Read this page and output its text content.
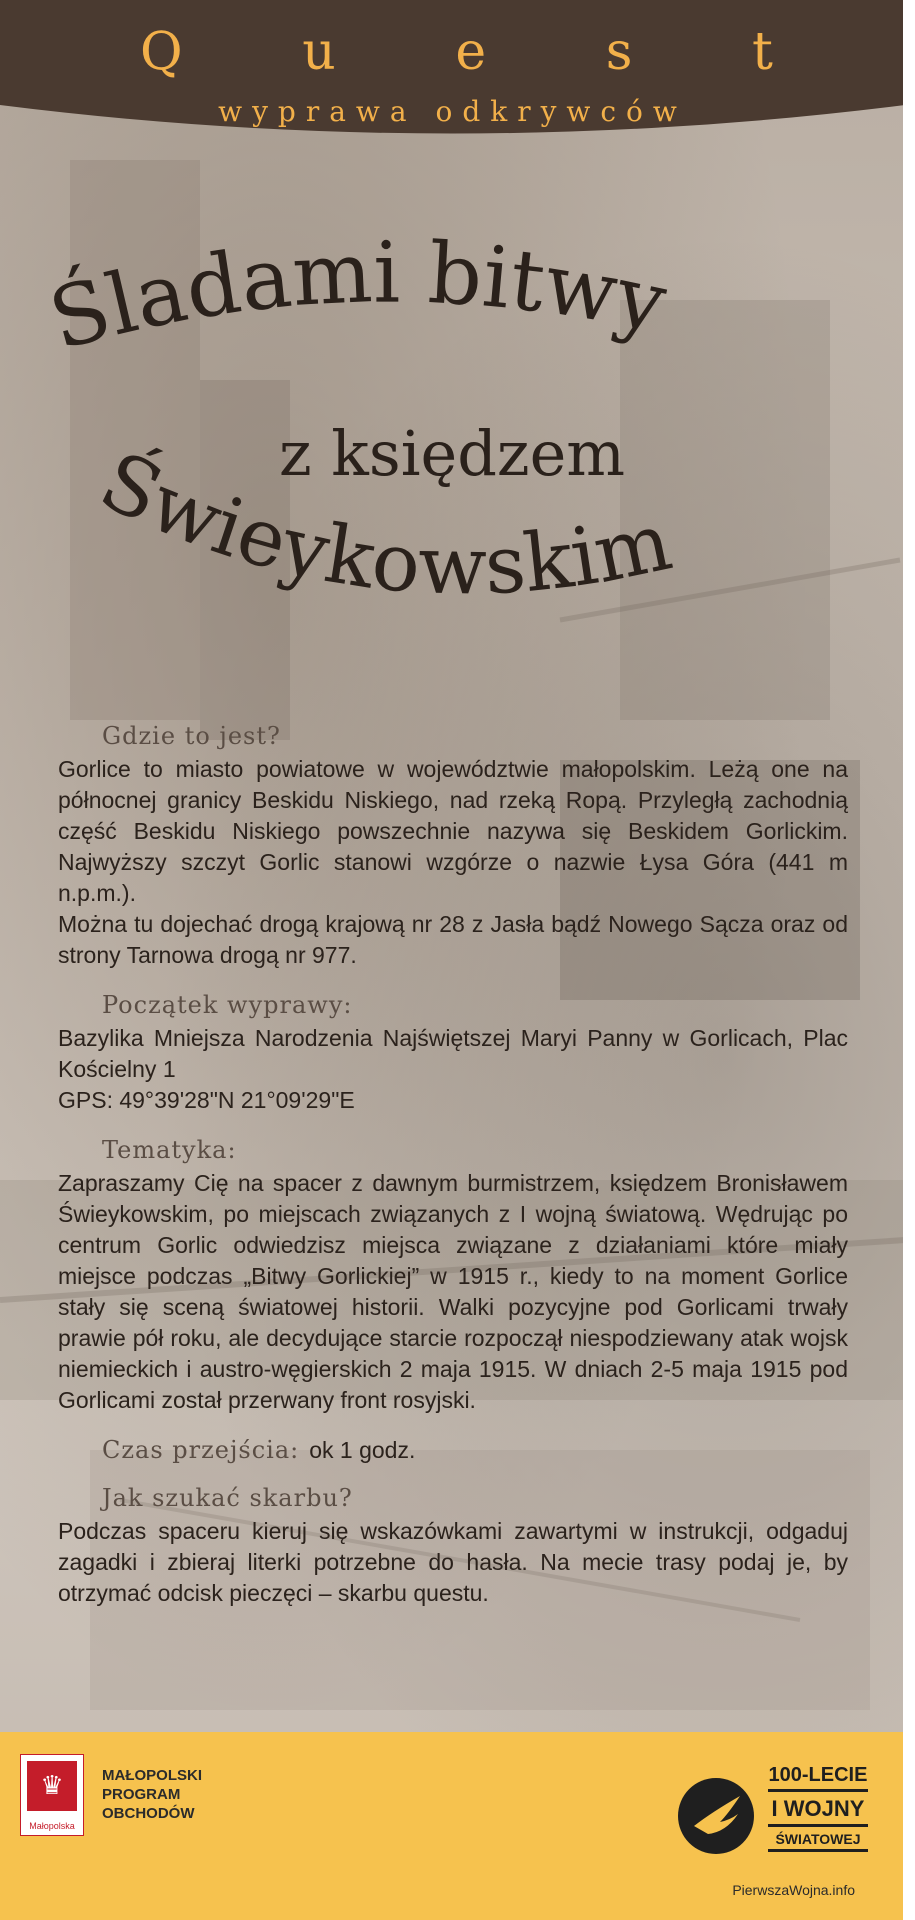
Q u e s t
wyprawa odkrywców
Śladami bitwy
z księdzem
Świeykowskim
Gdzie to jest?

Gorlice to miasto powiatowe w województwie małopolskim. Leżą one na północnej granicy Beskidu Niskiego, nad rzeką Ropą. Przyległą zachodnią część Beskidu Niskiego powszechnie nazywa się Beskidem Gorlickim. Najwyższy szczyt Gorlic stanowi wzgórze o nazwie Łysa Góra (441 m n.p.m.).

Można tu dojechać drogą krajową nr 28 z Jasła bądź Nowego Sącza oraz od strony Tarnowa drogą nr 977.

Początek wyprawy:

Bazylika Mniejsza Narodzenia Najświętszej Maryi Panny w Gorlicach, Plac Kościelny 1

GPS: 49°39'28"N 21°09'29"E

Tematyka:

Zapraszamy Cię na spacer z dawnym burmistrzem, księdzem Bronisławem Świeykowskim, po miejscach związanych z I wojną światową. Wędrując po centrum Gorlic odwiedzisz miejsca związane z działaniami które miały miejsce podczas „Bitwy Gorlickiej” w 1915 r., kiedy to na moment Gorlice stały się sceną światowej historii. Walki pozycyjne pod Gorlicami trwały prawie pół roku, ale decydujące starcie rozpoczął niespodziewany atak wojsk niemieckich i austro-węgierskich 2 maja 1915. W dniach 2-5 maja 1915 pod Gorlicami został przerwany front rosyjski.

Czas przejścia: ok 1 godz.
Jak szukać skarbu?

Podczas spaceru kieruj się wskazówkami zawartymi w instrukcji, odgaduj zagadki i zbieraj literki potrzebne do hasła. Na mecie trasy podaj je, by otrzymać odcisk pieczęci – skarbu questu.

♛
Małopolska
MAŁOPOLSKI
PROGRAM
OBCHODÓW
100-LECIE
I WOJNY
ŚWIATOWEJ
PierwszaWojna.info
